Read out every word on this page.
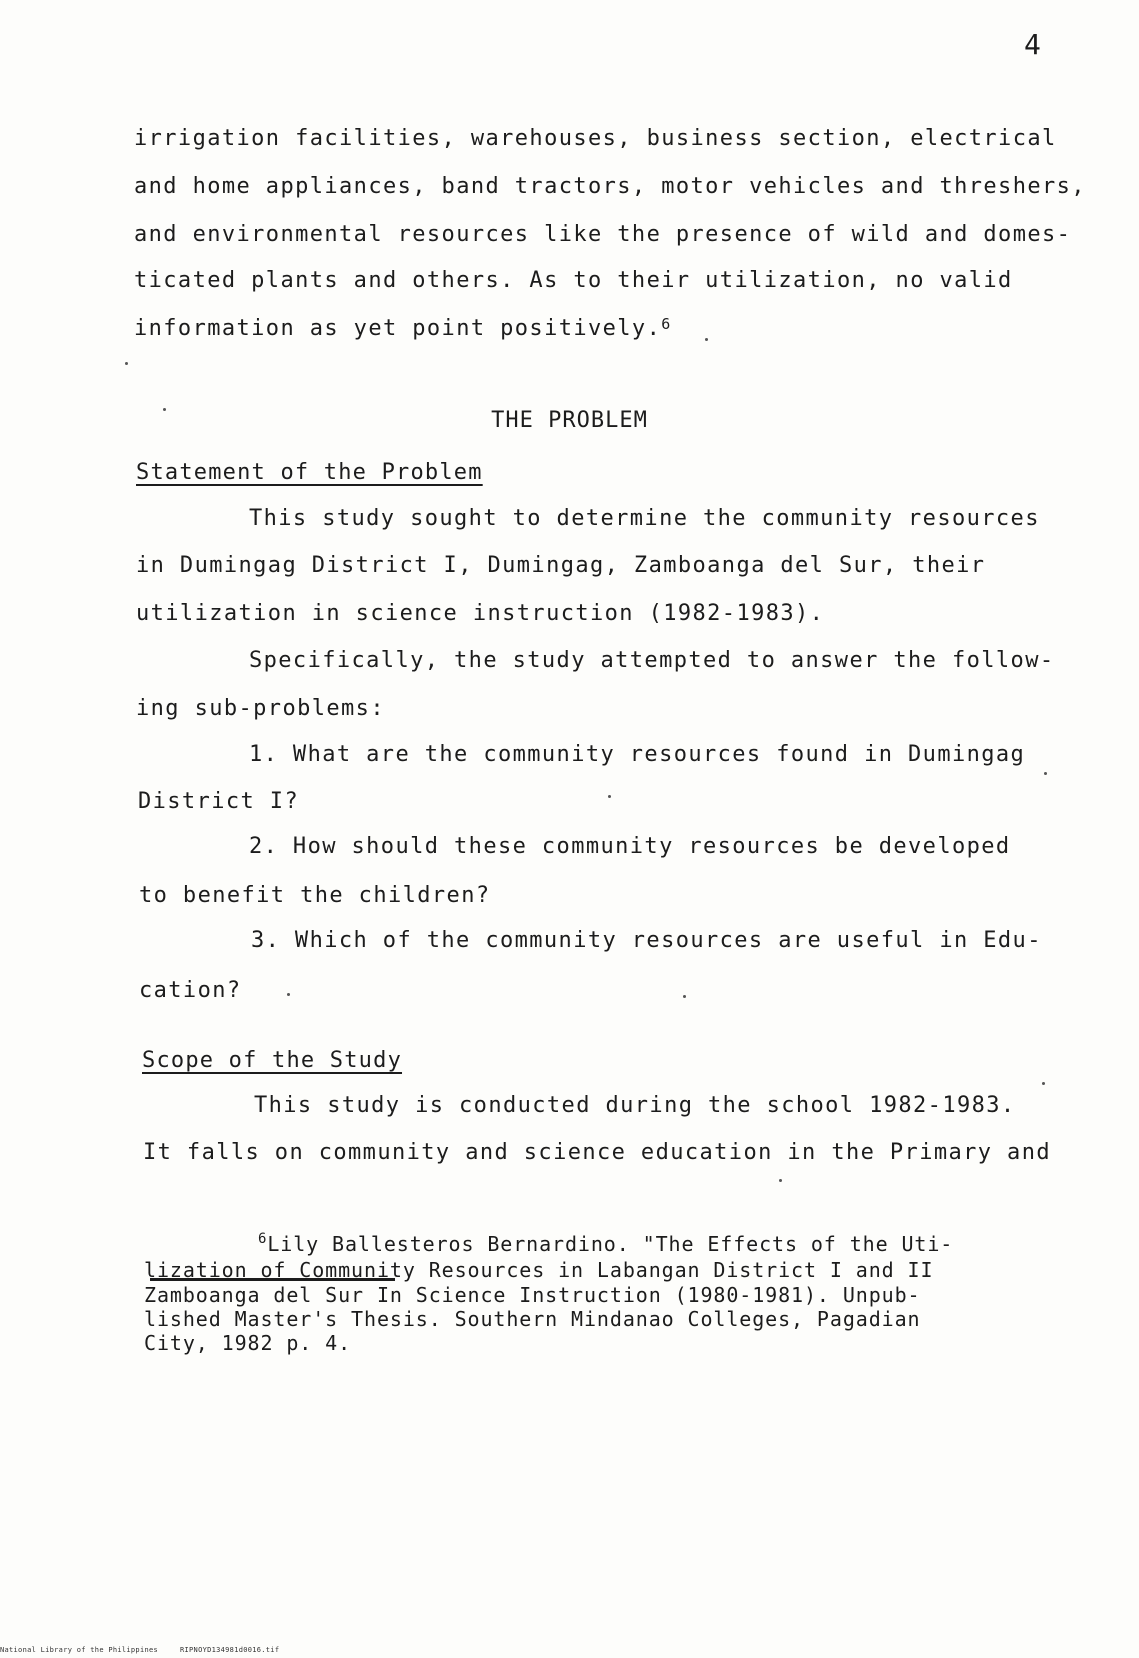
4
irrigation facilities, warehouses, business section, electrical
and home appliances, band tractors, motor vehicles and threshers,
and environmental resources like the presence of wild and domes-
ticated plants and others. As to their utilization, no valid
information as yet point positively.$^6$
THE PROBLEM
Statement of the Problem
This study sought to determine the community resources
in Dumingag District I, Dumingag, Zamboanga del Sur, their
utilization in science instruction (1982-1983).
Specifically, the study attempted to answer the follow-
ing sub-problems:
1. What are the community resources found in Dumingag
District I?
2. How should these community resources be developed
to benefit the children?
3. Which of the community resources are useful in Edu-
cation?
Scope of the Study
This study is conducted during the school 1982-1983.
It falls on community and science education in the Primary and
$^6$Lily Ballesteros Bernardino. "The Effects of the Uti-
lization of Community Resources in Labangan District I and II
Zamboanga del Sur In Science Instruction (1980-1981). Unpub-
lished Master's Thesis. Southern Mindanao Colleges, Pagadian
City, 1982 p. 4.
National Library of the Philippines	RIPNOYD134981d0016.tif
